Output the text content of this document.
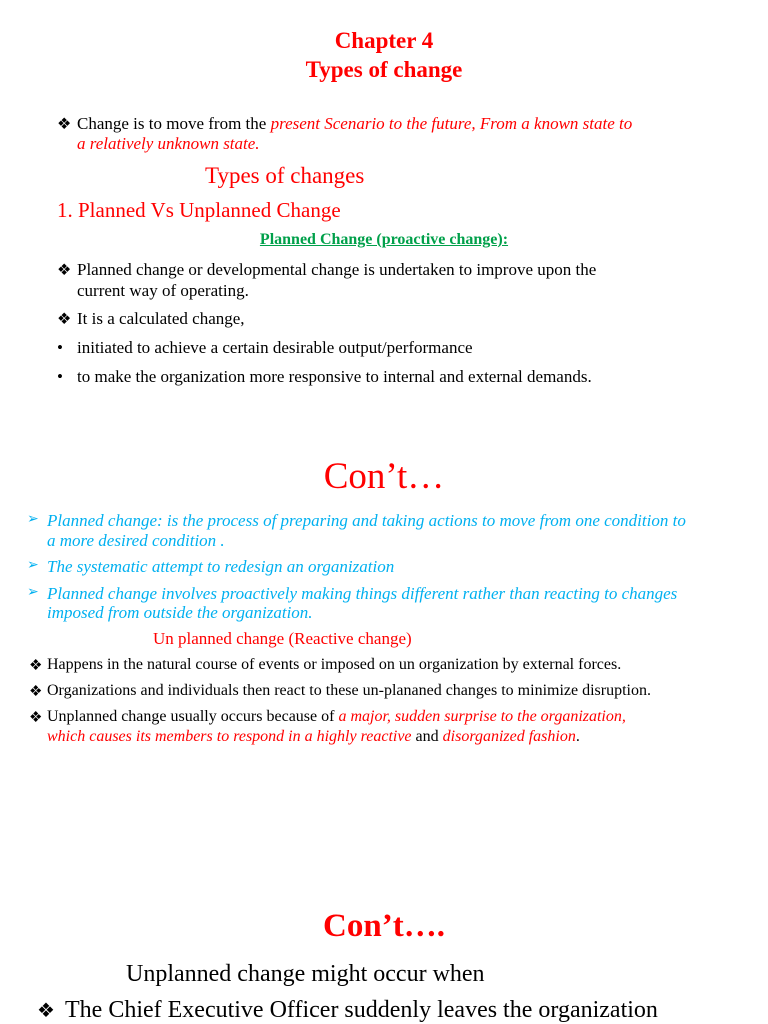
Chapter 4
Types of change
❖ Change is to move from the present Scenario to the future, From a known state to
a relatively unknown state.
Types of changes
1. Planned Vs Unplanned Change
Planned Change (proactive change):
❖ Planned change or developmental change is undertaken to improve upon the
current way of operating.
❖ It is a calculated change,
• initiated to achieve a certain desirable output/performance
• to make the organization more responsive to internal and external demands.
Con’t…
➢ Planned change: is the process of preparing and taking actions to move from one condition to
a more desired condition .
➢ The systematic attempt to redesign an organization
➢ Planned change involves proactively making things different rather than reacting to changes
imposed from outside the organization.
Un planned change (Reactive change)
❖ Happens in the natural course of events or imposed on un organization by external forces.
❖ Organizations and individuals then react to these un-plananed changes to minimize disruption.
❖ Unplanned change usually occurs because of a major, sudden surprise to the organization,
which causes its members to respond in a highly reactive and disorganized fashion.
Con’t….
Unplanned change might occur when
❖ The Chief Executive Officer suddenly leaves the organization
